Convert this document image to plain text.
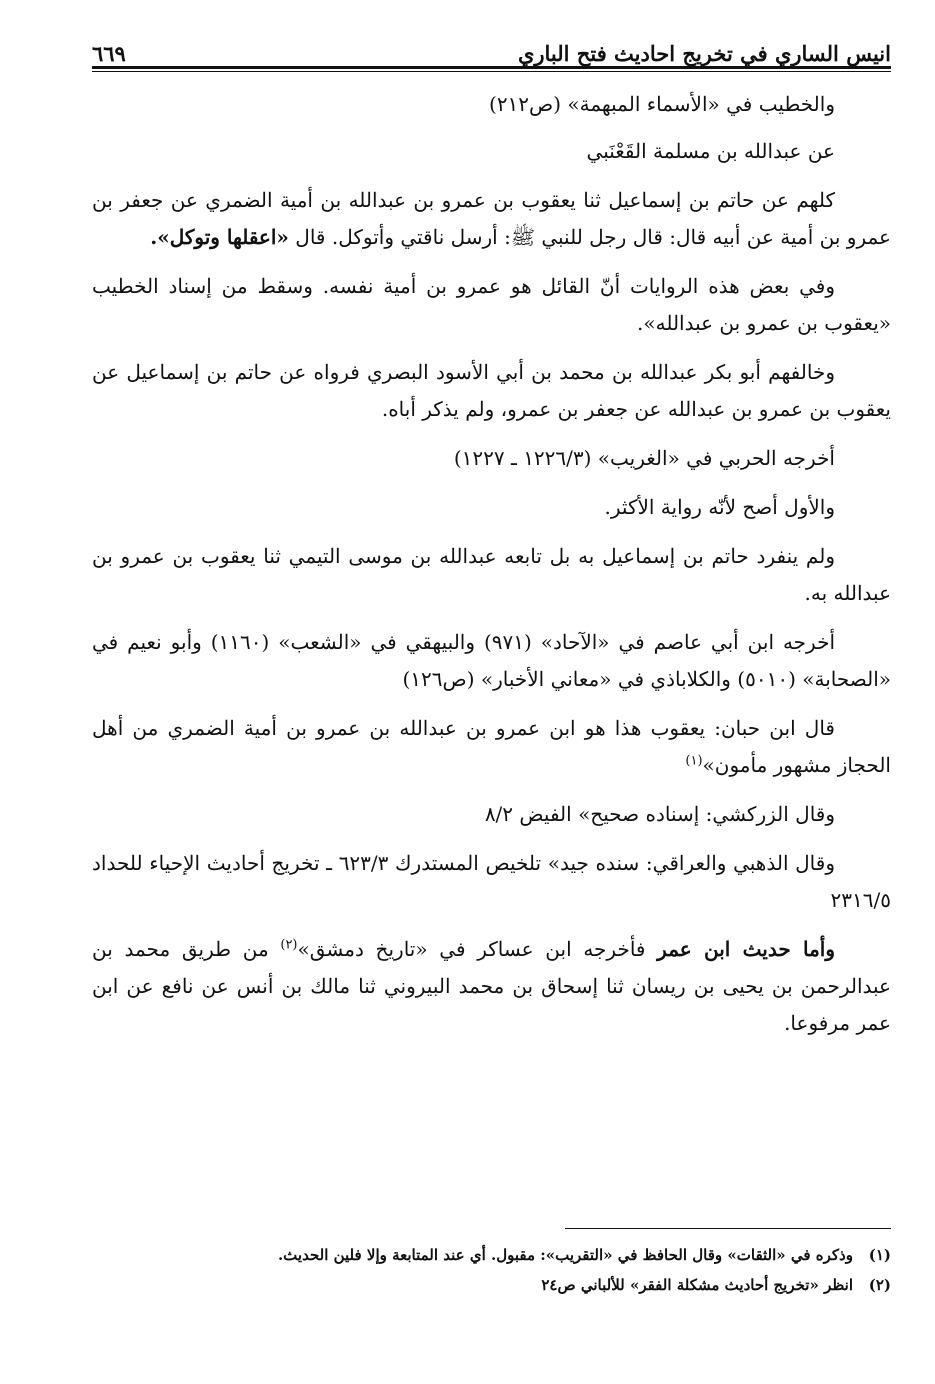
انيس الساري في تخريج احاديث فتح الباري
٦٦٩

والخطيب في «الأسماء المبهمة» (ص٢١٢)

عن عبدالله بن مسلمة القَعْنَبي

كلهم عن حاتم بن إسماعيل ثنا يعقوب بن عمرو بن عبدالله بن أمية الضمري عن جعفر بن عمرو بن أمية عن أبيه قال: قال رجل للنبي ﷺ: أرسل ناقتي وأتوكل. قال «اعقلها وتوكل».

وفي بعض هذه الروايات أنّ القائل هو عمرو بن أمية نفسه. وسقط من إسناد الخطيب «يعقوب بن عمرو بن عبدالله».

وخالفهم أبو بكر عبدالله بن محمد بن أبي الأسود البصري فرواه عن حاتم بن إسماعيل عن يعقوب بن عمرو بن عبدالله عن جعفر بن عمرو، ولم يذكر أباه.

أخرجه الحربي في «الغريب» (١٢٢٦/٣ ـ ١٢٢٧)

والأول أصح لأنّه رواية الأكثر.

ولم ينفرد حاتم بن إسماعيل به بل تابعه عبدالله بن موسى التيمي ثنا يعقوب بن عمرو بن عبدالله به.

أخرجه ابن أبي عاصم في «الآحاد» (٩٧١) والبيهقي في «الشعب» (١١٦٠) وأبو نعيم في «الصحابة» (٥٠١٠) والكلاباذي في «معاني الأخبار» (ص١٢٦)

قال ابن حبان: يعقوب هذا هو ابن عمرو بن عبدالله بن عمرو بن أمية الضمري من أهل الحجاز مشهور مأمون»$^{(١)}$

وقال الزركشي: إسناده صحيح» الفيض ٨/٢

وقال الذهبي والعراقي: سنده جيد» تلخيص المستدرك ٦٢٣/٣ ـ تخريج أحاديث الإحياء للحداد ٢٣١٦/٥

وأما حديث ابن عمر فأخرجه ابن عساكر في «تاريخ دمشق»$^{(٢)}$ من طريق محمد بن عبدالرحمن بن يحيى بن ريسان ثنا إسحاق بن محمد البيروني ثنا مالك بن أنس عن نافع عن ابن عمر مرفوعا.

(١)
وذكره في «الثقات» وقال الحافظ في «التقريب»: مقبول. أي عند المتابعة وإلا فلين الحديث.
(٢)
انظر «تخريج أحاديث مشكلة الفقر» للألباني ص٢٤
